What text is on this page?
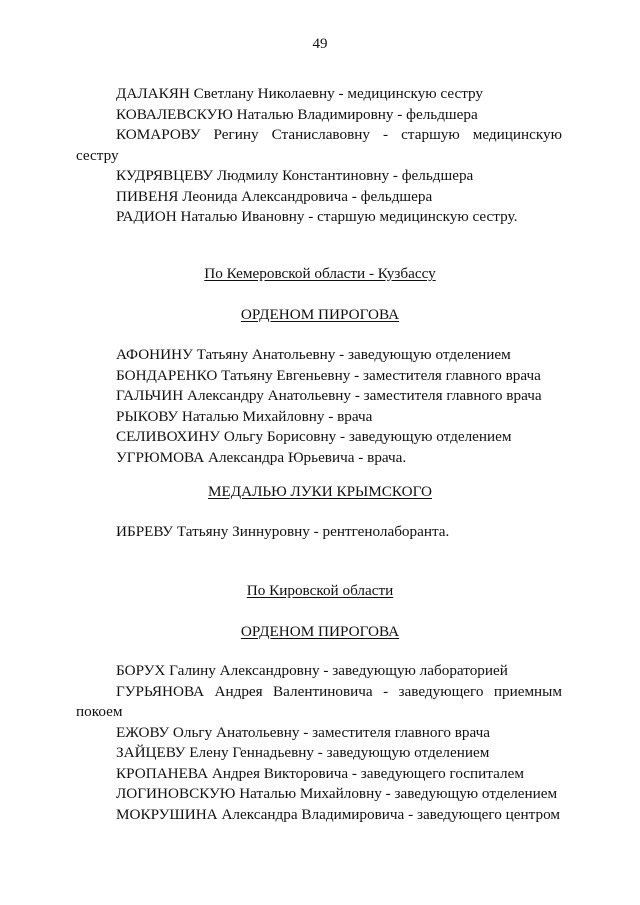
49
ДАЛАКЯН Светлану Николаевну - медицинскую сестру
КОВАЛЕВСКУЮ Наталью Владимировну - фельдшера
КОМАРОВУ Регину Станиславовну - старшую медицинскую
сестру
КУДРЯВЦЕВУ Людмилу Константиновну - фельдшера
ПИВЕНЯ Леонида Александровича - фельдшера
РАДИОН Наталью Ивановну - старшую медицинскую сестру.
По Кемеровской области - Кузбассу
ОРДЕНОМ ПИРОГОВА
АФОНИНУ Татьяну Анатольевну - заведующую отделением
БОНДАРЕНКО Татьяну Евгеньевну - заместителя главного врача
ГАЛЬЧИН Александру Анатольевну - заместителя главного врача
РЫКОВУ Наталью Михайловну - врача
СЕЛИВОХИНУ Ольгу Борисовну - заведующую отделением
УГРЮМОВА Александра Юрьевича - врача.
МЕДАЛЬЮ ЛУКИ КРЫМСКОГО
ИБРЕВУ Татьяну Зиннуровну - рентгенолаборанта.
По Кировской области
ОРДЕНОМ ПИРОГОВА
БОРУХ Галину Александровну - заведующую лабораторией
ГУРЬЯНОВА Андрея Валентиновича - заведующего приемным
покоем
ЕЖОВУ Ольгу Анатольевну - заместителя главного врача
ЗАЙЦЕВУ Елену Геннадьевну - заведующую отделением
КРОПАНЕВА Андрея Викторовича - заведующего госпиталем
ЛОГИНОВСКУЮ Наталью Михайловну - заведующую отделением
МОКРУШИНА Александра Владимировича - заведующего центром
